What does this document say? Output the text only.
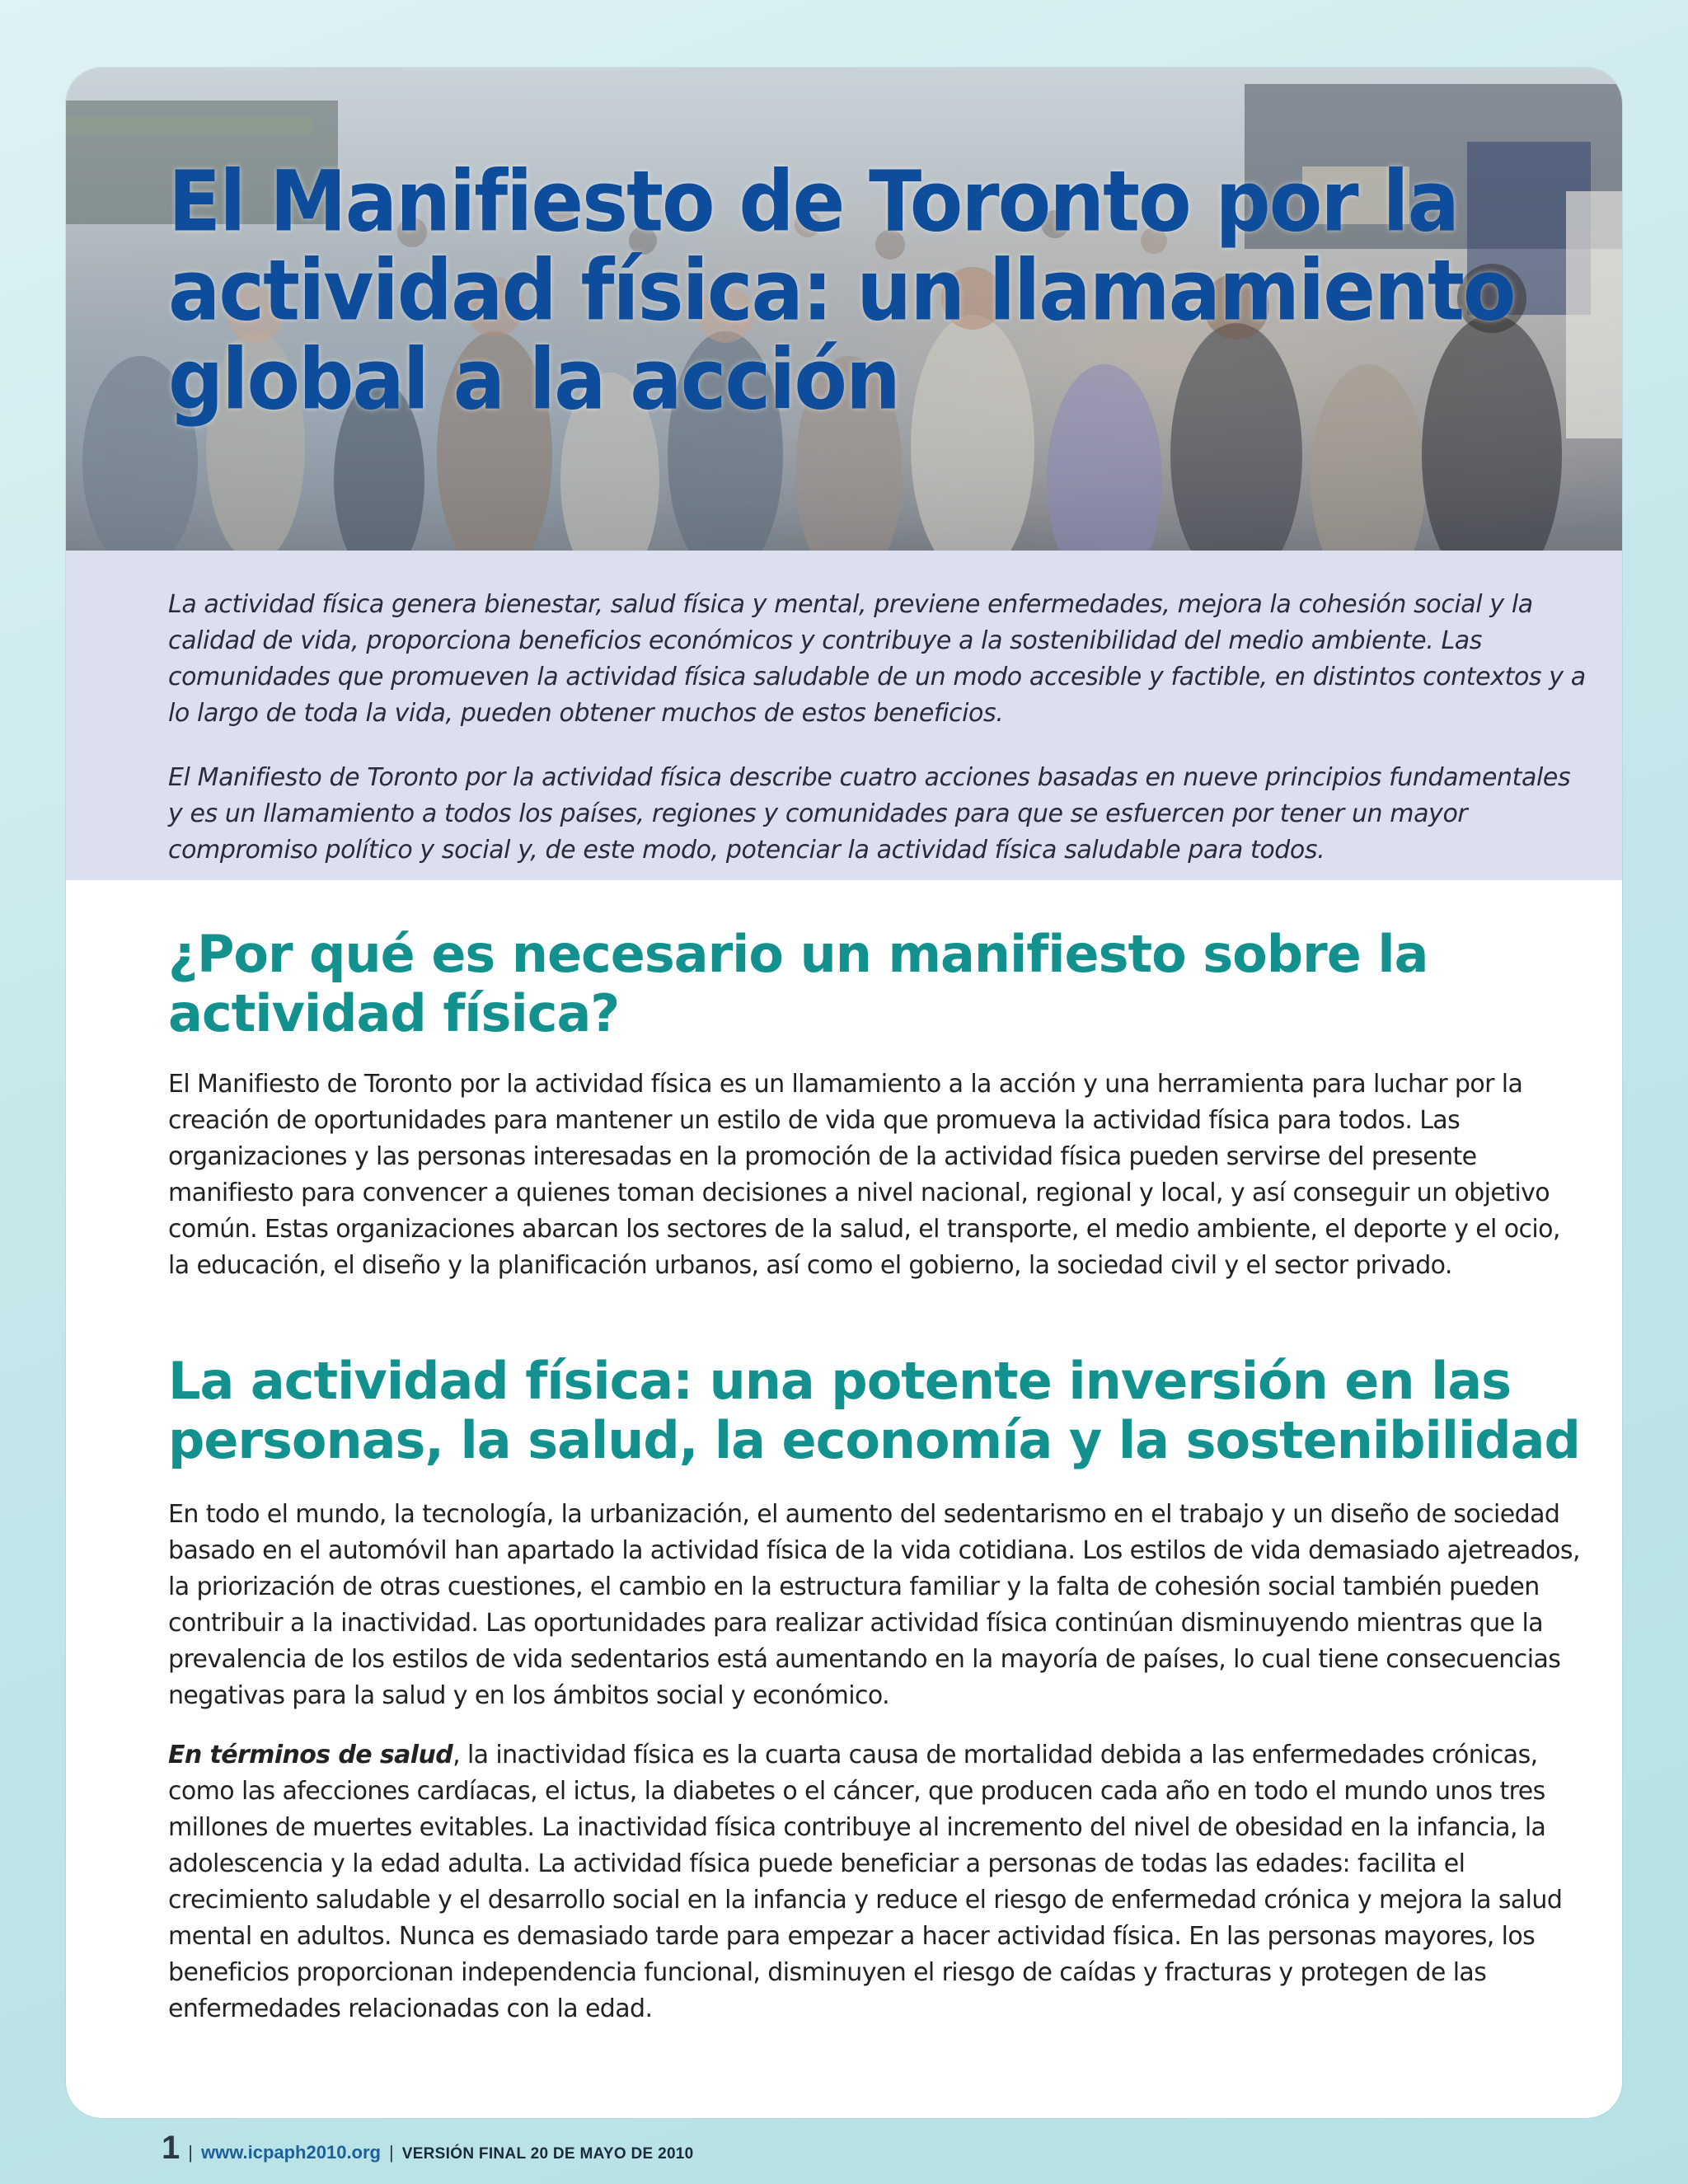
El Manifiesto de Toronto por la actividad física: un llamamiento global a la acción

La actividad física genera bienestar, salud física y mental, previene enfermedades, mejora la cohesión social y la calidad de vida, proporciona beneficios económicos y contribuye a la sostenibilidad del medio ambiente. Las comunidades que promueven la actividad física saludable de un modo accesible y factible, en distintos contextos y a lo largo de toda la vida, pueden obtener muchos de estos beneficios.

El Manifiesto de Toronto por la actividad física describe cuatro acciones basadas en nueve principios fundamentales y es un llamamiento a todos los países, regiones y comunidades para que se esfuercen por tener un mayor compromiso político y social y, de este modo, potenciar la actividad física saludable para todos.

¿Por qué es necesario un manifiesto sobre la actividad física?

El Manifiesto de Toronto por la actividad física es un llamamiento a la acción y una herramienta para luchar por la creación de oportunidades para mantener un estilo de vida que promueva la actividad física para todos. Las organizaciones y las personas interesadas en la promoción de la actividad física pueden servirse del presente manifiesto para convencer a quienes toman decisiones a nivel nacional, regional y local, y así conseguir un objetivo común. Estas organizaciones abarcan los sectores de la salud, el transporte, el medio ambiente, el deporte y el ocio, la educación, el diseño y la planificación urbanos, así como el gobierno, la sociedad civil y el sector privado.

La actividad física: una potente inversión en las personas, la salud, la economía y la sostenibilidad

En todo el mundo, la tecnología, la urbanización, el aumento del sedentarismo en el trabajo y un diseño de sociedad basado en el automóvil han apartado la actividad física de la vida cotidiana. Los estilos de vida demasiado ajetreados, la priorización de otras cuestiones, el cambio en la estructura familiar y la falta de cohesión social también pueden contribuir a la inactividad. Las oportunidades para realizar actividad física continúan disminuyendo mientras que la prevalencia de los estilos de vida sedentarios está aumentando en la mayoría de países, lo cual tiene consecuencias negativas para la salud y en los ámbitos social y económico.

En términos de salud, la inactividad física es la cuarta causa de mortalidad debida a las enfermedades crónicas, como las afecciones cardíacas, el ictus, la diabetes o el cáncer, que producen cada año en todo el mundo unos tres millones de muertes evitables. La inactividad física contribuye al incremento del nivel de obesidad en la infancia, la adolescencia y la edad adulta. La actividad física puede beneficiar a personas de todas las edades: facilita el crecimiento saludable y el desarrollo social en la infancia y reduce el riesgo de enfermedad crónica y mejora la salud mental en adultos. Nunca es demasiado tarde para empezar a hacer actividad física. En las personas mayores, los beneficios proporcionan independencia funcional, disminuyen el riesgo de caídas y fracturas y protegen de las enfermedades relacionadas con la edad.

1 | www.icpaph2010.org | VERSIÓN FINAL 20 DE MAYO DE 2010
